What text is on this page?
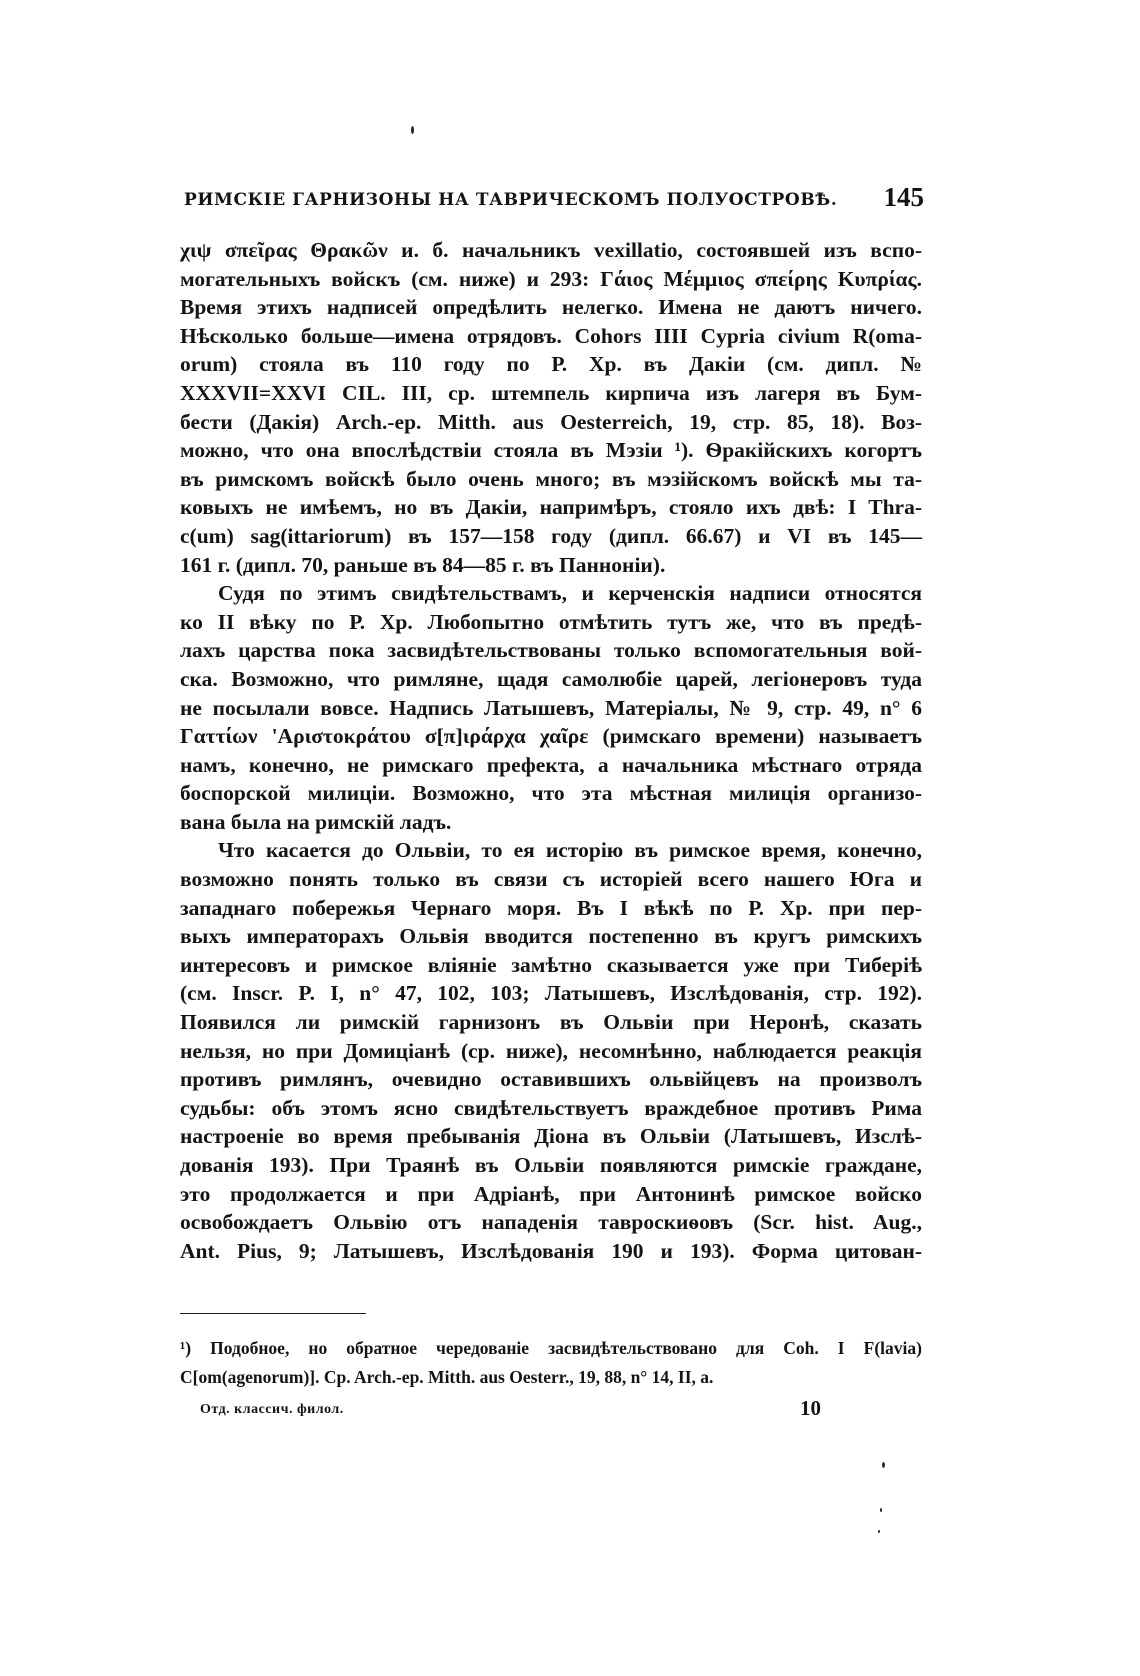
РИМСКІЕ ГАРНИЗОНЫ НА ТАВРИЧЕСКОМЪ ПОЛУОСТРОВѢ. 145
χιψ σπεῖρας Θρακῶν и. б. начальникъ vexillatio, состоявшей изъ вспо-
могательныхъ войскъ (см. ниже) и 293: Γάιος Μέμμιος σπείρης Κυπρίας.
Время этихъ надписей опредѣлить нелегко. Имена не даютъ ничего.
Нѣсколько больше—имена отрядовъ. Cohors IIII Cypria civium R(oma-
orum) стояла въ 110 году по Р. Хр. въ Дакіи (см. дипл. №
XXXVII=XXVI CIL. III, ср. штемпель кирпича изъ лагеря въ Бум-
бести (Дакія) Arch.-ep. Mitth. aus Oesterreich, 19, стр. 85, 18). Воз-
можно, что она впослѣдствіи стояла въ Мэзіи ¹). Ѳракійскихъ когортъ
въ римскомъ войскѣ было очень много; въ мэзійскомъ войскѣ мы та-
ковыхъ не имѣемъ, но въ Дакіи, напримѣръ, стояло ихъ двѣ: I Thra-
c(um) sag(ittariorum) въ 157—158 году (дипл. 66.67) и VI въ 145—
161 г. (дипл. 70, раньше въ 84—85 г. въ Паннонiи).
Судя по этимъ свидѣтельствамъ, и керченскія надписи относятся
ко II вѣку по Р. Хр. Любопытно отмѣтить тутъ же, что въ предѣ-
лахъ царства пока засвидѣтельствованы только вспомогательныя вой-
ска. Возможно, что римляне, щадя самолюбіе царей, легіонеровъ туда
не посылали вовсе. Надпись Латышевъ, Матеріалы, № 9, стр. 49, n° 6
Γαττίων 'Αριστοκράτου σ[π]ιράρχα χαῖρε (римскаго времени) называетъ
намъ, конечно, не римскаго префекта, а начальника мѣстнаго отряда
боспорской милиціи. Возможно, что эта мѣстная милиція организо-
вана была на римскій ладъ.
Что касается до Ольвіи, то ея исторію въ римское время, конечно,
возможно понять только въ связи съ исторіей всего нашего Юга и
западнаго побережья Чернаго моря. Въ I вѣкѣ по Р. Хр. при пер-
выхъ императорахъ Ольвія вводится постепенно въ кругъ римскихъ
интересовъ и римское вліяніе замѣтно сказывается уже при Тиберіѣ
(см. Inscr. P. I, n° 47, 102, 103; Латышевъ, Изслѣдованія, стр. 192).
Появился ли римскій гарнизонъ въ Ольвіи при Неронѣ, сказать
нельзя, но при Домиціанѣ (ср. ниже), несомнѣнно, наблюдается реакція
противъ римлянъ, очевидно оставившихъ ольвійцевъ на произволъ
судьбы: объ этомъ ясно свидѣтельствуетъ враждебное противъ Рима
настроеніе во время пребыванія Діона въ Ольвіи (Латышевъ, Изслѣ-
дованія 193). При Траянѣ въ Ольвіи появляются римскіе граждане,
это продолжается и при Адріанѣ, при Антонинѣ римское войско
освобождаетъ Ольвію отъ нападенія тавроскиѳовъ (Scr. hist. Aug.,
Ant. Pius, 9; Латышевъ, Изслѣдованія 190 и 193). Форма цитован-
¹) Подобное, но обратное чередованіе засвидѣтельствовано для Coh. I F(lavia)
C[om(agenorum)]. Cp. Arch.-ep. Mitth. aus Oesterr., 19, 88, n° 14, II, a.
Отд. классич. филол.	10
